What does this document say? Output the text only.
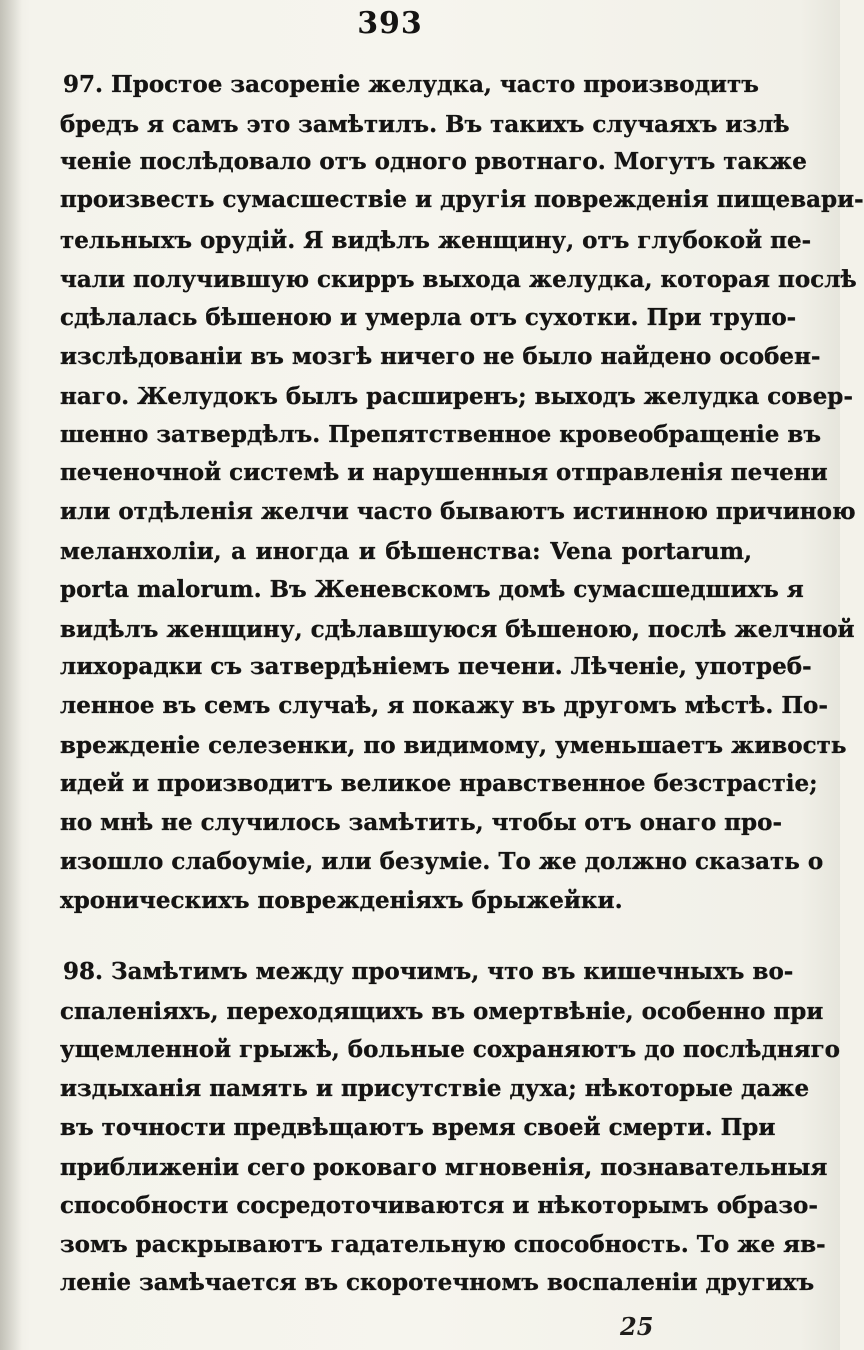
393
97. Простое засореніе желудка, часто производитъ
бредъ я самъ это замѣтилъ. Въ такихъ случаяхъ излѣ
ченіе послѣдовало отъ одного рвотнаго. Могутъ также
произвесть сумасшествіе и другія поврежденія пищевари-
тельныхъ орудій. Я видѣлъ женщину, отъ глубокой пе-
чали получившую скирръ выхода желудка, которая послѣ
сдѣлалась бѣшеною и умерла отъ сухотки. При трупо-
изслѣдованіи въ мозгѣ ничего не было найдено особен-
наго. Желудокъ былъ расширенъ; выходъ желудка совер-
шенно затвердѣлъ. Препятственное кровеобращеніе въ
печеночной системѣ и нарушенныя отправленія печени
или отдѣленія желчи часто бываютъ истинною причиною
меланхоліи, а иногда и бѣшенства: Vena portarum,
porta malorum. Въ Женевскомъ домѣ сумасшедшихъ я
видѣлъ женщину, сдѣлавшуюся бѣшеною, послѣ желчной
лихорадки съ затвердѣніемъ печени. Лѣченіе, употреб-
ленное въ семъ случаѣ, я покажу въ другомъ мѣстѣ. По-
врежденіе селезенки, по видимому, уменьшаетъ живость
идей и производитъ великое нравственное безстрастіе;
но мнѣ не случилось замѣтить, чтобы отъ онаго про-
изошло слабоуміе, или безуміе. То же должно сказать о
хроническихъ поврежденіяхъ брыжейки.
98. Замѣтимъ между прочимъ, что въ кишечныхъ во-
спаленіяхъ, переходящихъ въ омертвѣніе, особенно при
ущемленной грыжѣ, больные сохраняютъ до послѣдняго
издыханія память и присутствіе духа; нѣкоторые даже
въ точности предвѣщаютъ время своей смерти. При
приближеніи сего роковаго мгновенія, познавательныя
способности сосредоточиваются и нѣкоторымъ образо-
зомъ раскрываютъ гадательную способность. То же яв-
леніе замѣчается въ скоротечномъ воспаленіи другихъ
25
